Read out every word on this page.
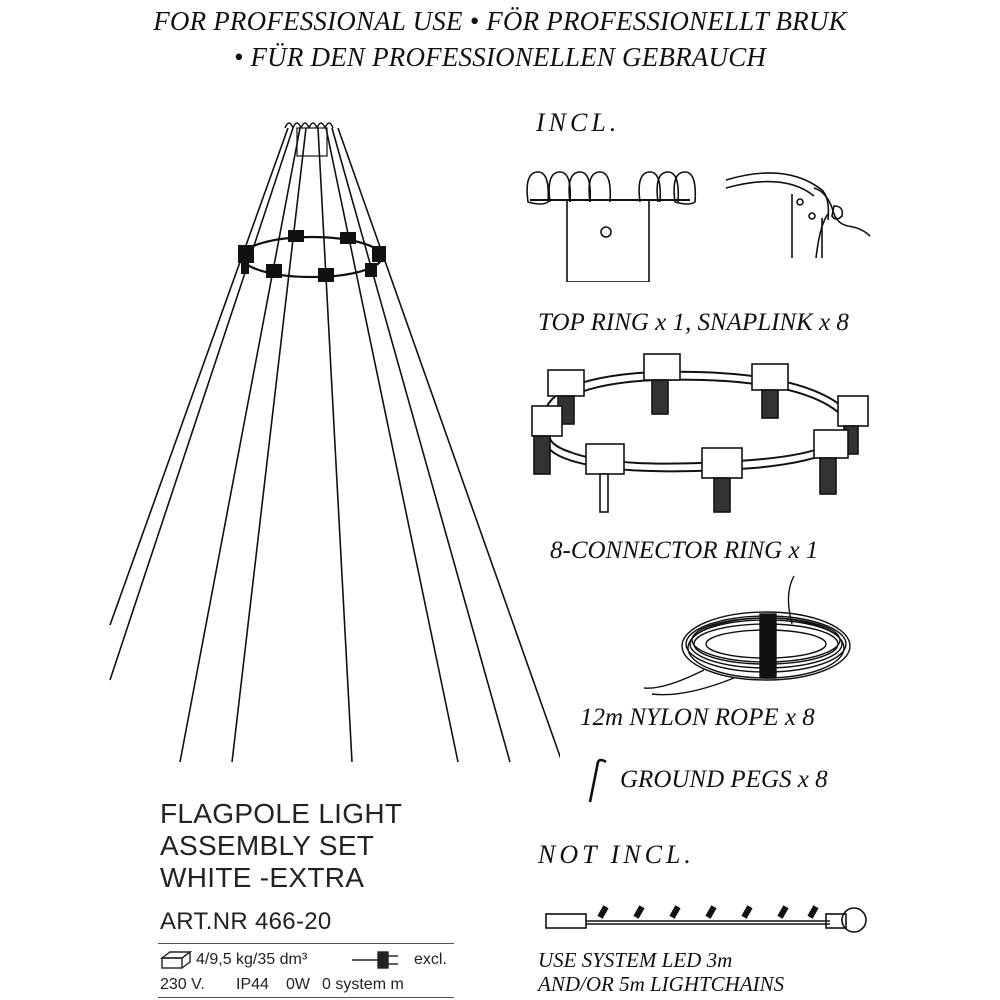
FOR PROFESSIONAL USE • FÖR PROFESSIONELLT BRUK
• FÜR DEN PROFESSIONELLEN GEBRAUCH
INCL.
TOP RING x 1, SNAPLINK x 8
8-CONNECTOR RING x 1
12m NYLON ROPE x 8
GROUND PEGS x 8
NOT INCL.
USE SYSTEM LED 3m
AND/OR 5m LIGHTCHAINS
FLAGPOLE LIGHT
ASSEMBLY SET
WHITE -EXTRA
ART.NR 466-20
4/9,5 kg/35 dm³	excl.
230 V. IP44 0W 0 system m
